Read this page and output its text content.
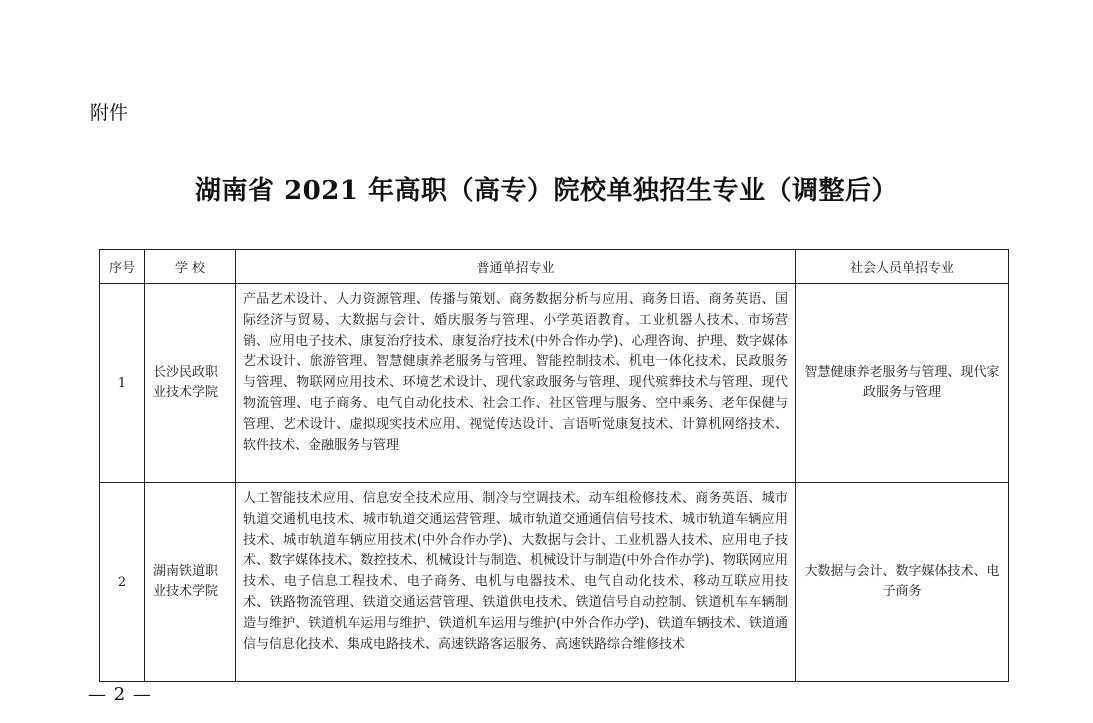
附件
湖南省 2021 年高职（高专）院校单独招生专业（调整后）
序号	学 校	普通单招专业	社会人员单招专业
1	长沙民政职业技术学院	产品艺术设计、人力资源管理、传播与策划、商务数据分析与应用、商务日语、商务英语、国际经济与贸易、大数据与会计、婚庆服务与管理、小学英语教育、工业机器人技术、市场营销、应用电子技术、康复治疗技术、康复治疗技术(中外合作办学)、心理咨询、护理、数字媒体艺术设计、旅游管理、智慧健康养老服务与管理、智能控制技术、机电一体化技术、民政服务与管理、物联网应用技术、环境艺术设计、现代家政服务与管理、现代殡葬技术与管理、现代物流管理、电子商务、电气自动化技术、社会工作、社区管理与服务、空中乘务、老年保健与管理、艺术设计、虚拟现实技术应用、视觉传达设计、言语听觉康复技术、计算机网络技术、软件技术、金融服务与管理	智慧健康养老服务与管理、现代家政服务与管理
2	湖南铁道职业技术学院	人工智能技术应用、信息安全技术应用、制冷与空调技术、动车组检修技术、商务英语、城市轨道交通机电技术、城市轨道交通运营管理、城市轨道交通通信信号技术、城市轨道车辆应用技术、城市轨道车辆应用技术(中外合作办学)、大数据与会计、工业机器人技术、应用电子技术、数字媒体技术、数控技术、机械设计与制造、机械设计与制造(中外合作办学)、物联网应用技术、电子信息工程技术、电子商务、电机与电器技术、电气自动化技术、移动互联应用技术、铁路物流管理、铁道交通运营管理、铁道供电技术、铁道信号自动控制、铁道机车车辆制造与维护、铁道机车运用与维护、铁道机车运用与维护(中外合作办学)、铁道车辆技术、铁道通信与信息化技术、集成电路技术、高速铁路客运服务、高速铁路综合维修技术	大数据与会计、数字媒体技术、电子商务
— 2 —
